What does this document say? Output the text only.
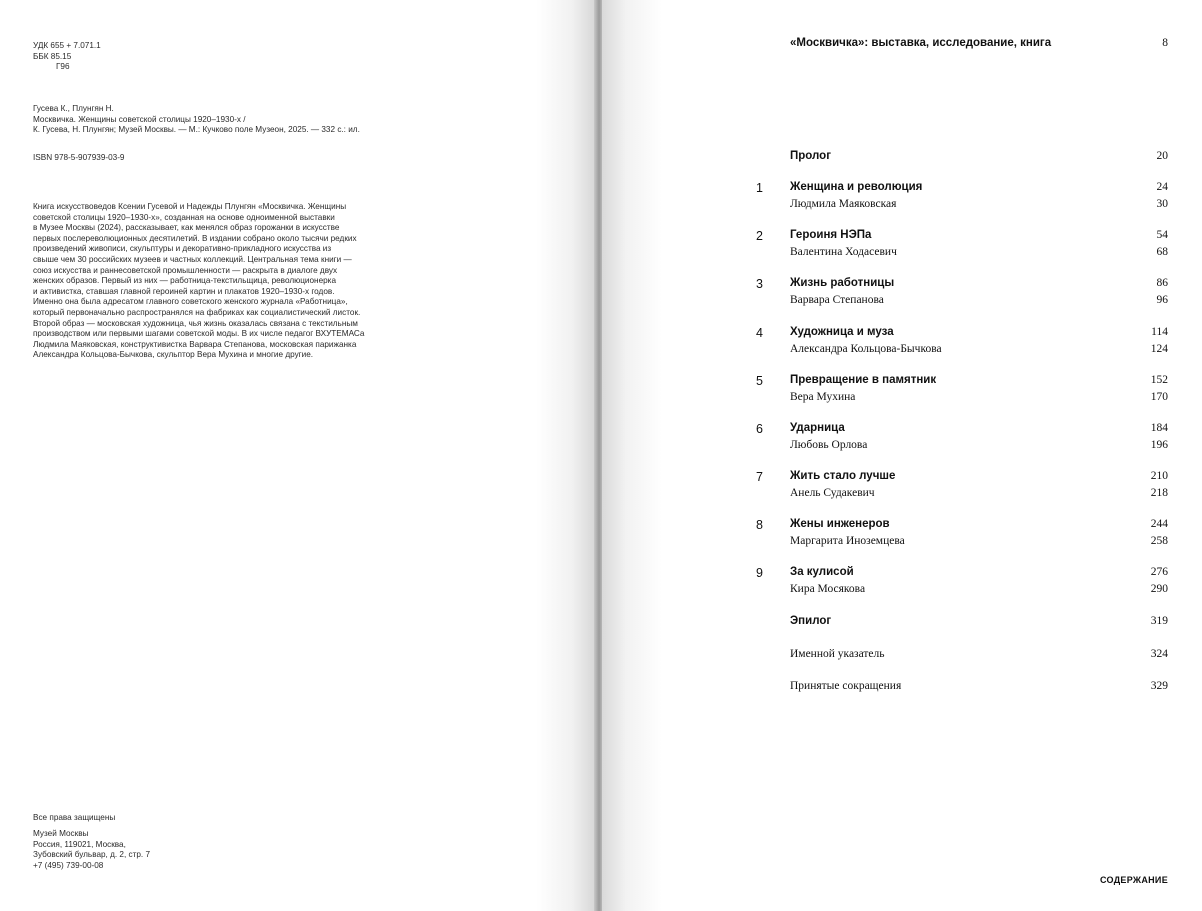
УДК 655 + 7.071.1
ББК 85.15
Г96
Гусева К., Плунгян Н.
Москвичка. Женщины советской столицы 1920–1930-х /
К. Гусева, Н. Плунгян; Музей Москвы. — М.: Кучково поле Музеон, 2025. — 332 с.: ил.
ISBN 978-5-907939-03-9
Книга искусствоведов Ксении Гусевой и Надежды Плунгян «Москвичка. Женщины
советской столицы 1920–1930-х», созданная на основе одноименной выставки
в Музее Москвы (2024), рассказывает, как менялся образ горожанки в искусстве
первых послереволюционных десятилетий. В издании собрано около тысячи редких
произведений живописи, скульптуры и декоративно-прикладного искусства из
свыше чем 30 российских музеев и частных коллекций. Центральная тема книги —
союз искусства и раннесоветской промышленности — раскрыта в диалоге двух
женских образов. Первый из них — работница-текстильщица, революционерка
и активистка, ставшая главной героиней картин и плакатов 1920–1930-х годов.
Именно она была адресатом главного советского женского журнала «Работница»,
который первоначально распространялся на фабриках как социалистический листок.
Второй образ — московская художница, чья жизнь оказалась связана с текстильным
производством или первыми шагами советской моды. В их числе педагог ВХУТЕМАСа
Людмила Маяковская, конструктивистка Варвара Степанова, московская парижанка
Александра Кольцова-Бычкова, скульптор Вера Мухина и многие другие.
Все права защищены
Музей Москвы
Россия, 119021, Москва,
Зубовский бульвар, д. 2, стр. 7
+7 (495) 739-00-08
«Москвичка»: выставка, исследование, книга	8
Пролог	20
1 Женщина и революция	24
Людмила Маяковская	30
2 Героиня НЭПа	54
Валентина Ходасевич	68
3 Жизнь работницы	86
Варвара Степанова	96
4 Художница и муза	114
Александра Кольцова-Бычкова	124
5 Превращение в памятник	152
Вера Мухина	170
6 Ударница	184
Любовь Орлова	196
7 Жить стало лучше	210
Анель Судакевич	218
8 Жены инженеров	244
Маргарита Иноземцева	258
9 За кулисой	276
Кира Мосякова	290
Эпилог	319
Именной указатель	324
Принятые сокращения	329
СОДЕРЖАНИЕ
